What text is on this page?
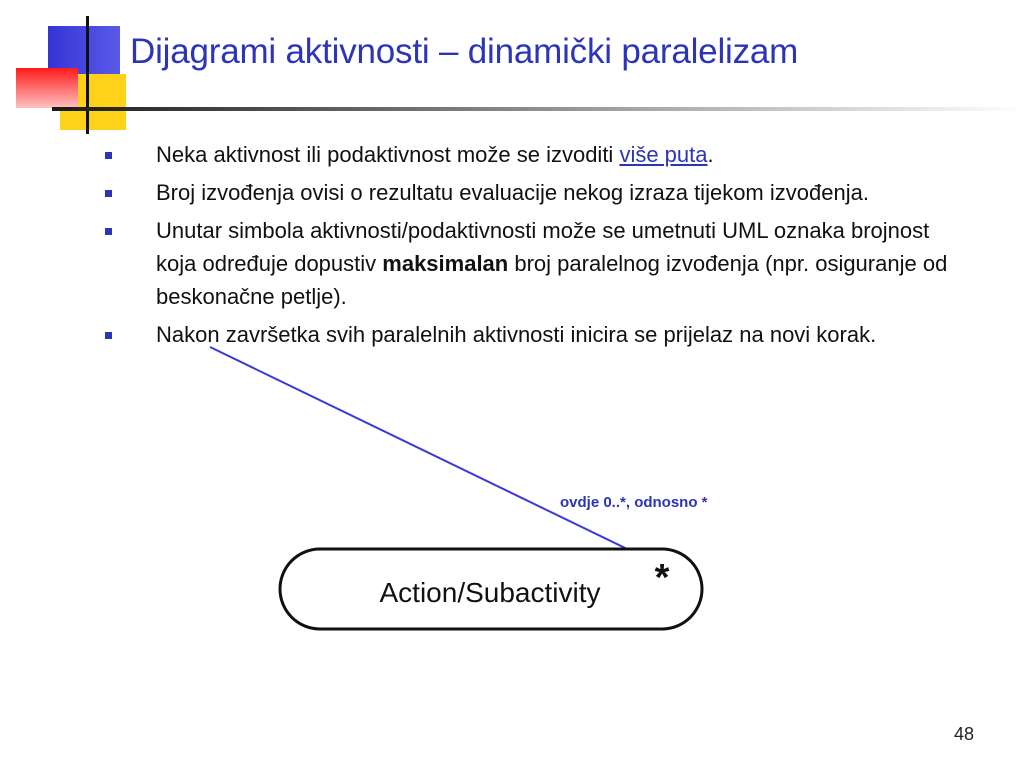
Dijagrami aktivnosti – dinamički paralelizam
Neka aktivnost ili podaktivnost može se izvoditi više puta.
Broj izvođenja ovisi o rezultatu evaluacije nekog izraza tijekom izvođenja.
Unutar simbola aktivnosti/podaktivnosti može se umetnuti UML oznaka brojnost koja određuje dopustiv maksimalan broj paralelnog izvođenja (npr. osiguranje od beskonačne petlje).
Nakon završetka svih paralelnih aktivnosti inicira se prijelaz na novi korak.
ovdje 0..*, odnosno *
Action/Subactivity *
48
